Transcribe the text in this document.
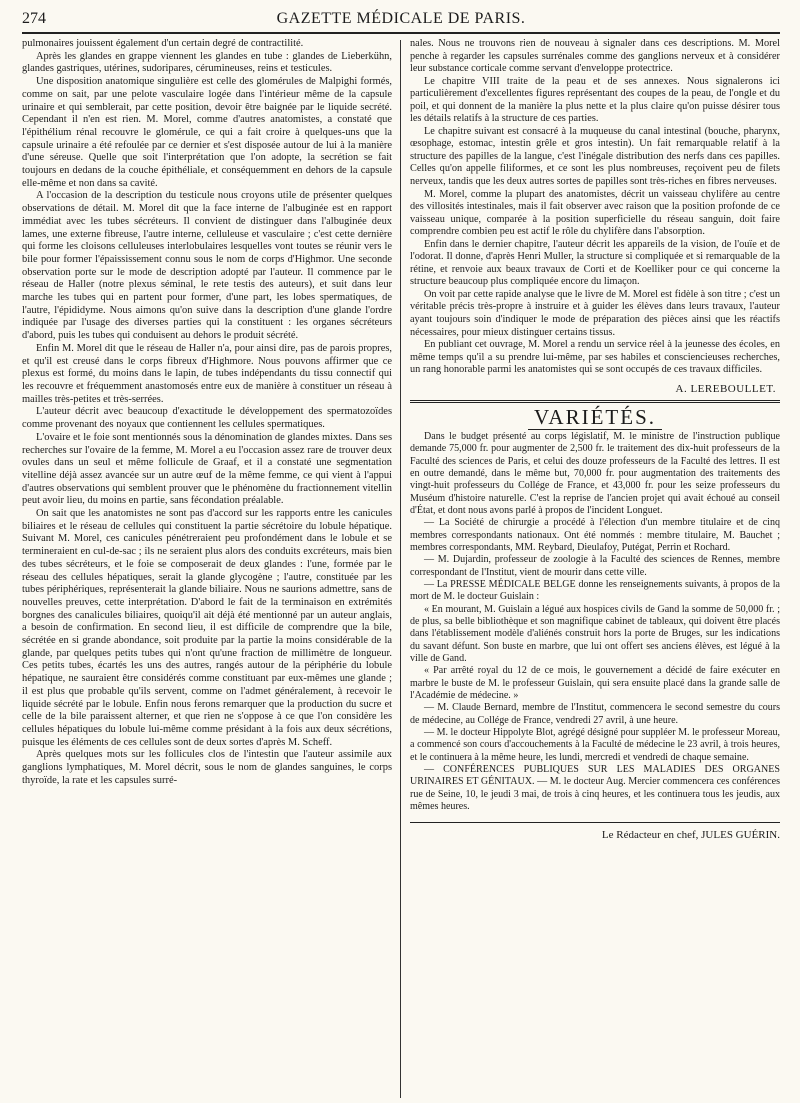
274	GAZETTE MÉDICALE DE PARIS.

pulmonaires jouissent également d'un certain degré de contractilité.

Après les glandes en grappe viennent les glandes en tube : glandes de Lieberkühn, glandes gastriques, utérines, sudoripares, cérumineuses, reins et testicules.

Une disposition anatomique singulière est celle des glomérules de Malpighi formés, comme on sait, par une pelote vasculaire logée dans l'intérieur même de la capsule urinaire et qui semblerait, par cette position, devoir être baignée par le liquide secrété. Cependant il n'en est rien. M. Morel, comme d'autres anatomistes, a constaté que l'épithélium rénal recouvre le glomérule, ce qui a fait croire à quelques-uns que la capsule urinaire a été refoulée par ce dernier et s'est disposée autour de lui à la manière d'une séreuse. Quelle que soit l'interprétation que l'on adopte, la secrétion se fait toujours en dedans de la couche épithéliale, et conséquemment en dehors de la capsule elle-même et non dans sa cavité.

A l'occasion de la description du testicule nous croyons utile de présenter quelques observations de détail. M. Morel dit que la face interne de l'albuginée est en rapport immédiat avec les tubes sécréteurs. Il convient de distinguer dans l'albuginée deux lames, une externe fibreuse, l'autre interne, celluleuse et vasculaire ; c'est cette dernière qui forme les cloisons celluleuses interlobulaires lesquelles vont toutes se réunir vers le bile pour former l'épaississement connu sous le nom de corps d'Highmor. Une seconde observation porte sur le mode de description adopté par l'auteur. Il commence par le réseau de Haller (notre plexus séminal, le rete testis des auteurs), et suit dans leur marche les tubes qui en partent pour former, d'une part, les lobes spermatiques, de l'autre, l'épididyme. Nous aimons qu'on suive dans la description d'une glande l'ordre indiquée par l'usage des diverses parties qui la constituent : les organes sécréteurs d'abord, puis les tubes qui conduisent au dehors le produit sécrété.

Enfin M. Morel dit que le réseau de Haller n'a, pour ainsi dire, pas de parois propres, et qu'il est creusé dans le corps fibreux d'Highmore. Nous pouvons affirmer que ce plexus est formé, du moins dans le lapin, de tubes indépendants du tissu connectif qui les recouvre et fréquemment anastomosés entre eux de manière à constituer un réseau à mailles très-petites et très-serrées.

L'auteur décrit avec beaucoup d'exactitude le développement des spermatozoïdes comme provenant des noyaux que contiennent les cellules spermatiques.

L'ovaire et le foie sont mentionnés sous la dénomination de glandes mixtes. Dans ses recherches sur l'ovaire de la femme, M. Morel a eu l'occasion assez rare de trouver deux ovules dans un seul et même follicule de Graaf, et il a constaté une segmentation vitelline déjà assez avancée sur un autre œuf de la même femme, ce qui vient à l'appui d'autres observations qui semblent prouver que le phénomène du fractionnement vitellin peut avoir lieu, du moins en partie, sans fécondation préalable.

On sait que les anatomistes ne sont pas d'accord sur les rapports entre les canicules biliaires et le réseau de cellules qui constituent la partie sécrétoire du lobule hépatique. Suivant M. Morel, ces canicules pénétreraient peu profondément dans le lobule et se termineraient en cul-de-sac ; ils ne seraient plus alors des conduits excréteurs, mais bien des tubes sécréteurs, et le foie se composerait de deux glandes : l'une, formée par le réseau des cellules hépatiques, serait la glande glycogène ; l'autre, constituée par les tubes périphériques, représenterait la glande biliaire. Nous ne saurions admettre, sans de nouvelles preuves, cette interprétation. D'abord le fait de la terminaison en extrémités borgnes des canalicules biliaires, quoiqu'il ait déjà été mentionné par un auteur anglais, a besoin de confirmation. En second lieu, il est difficile de comprendre que la bile, sécrétée en si grande abondance, soit produite par la partie la moins considérable de la glande, par quelques petits tubes qui n'ont qu'une fraction de millimètre de longueur. Ces petits tubes, écartés les uns des autres, rangés autour de la périphérie du lobule hépatique, ne sauraient être considérés comme constituant par eux-mêmes une glande ; il est plus que probable qu'ils servent, comme on l'admet généralement, à recevoir le liquide sécrété par le lobule. Enfin nous ferons remarquer que la production du sucre et celle de la bile paraissent alterner, et que rien ne s'oppose à ce que l'on considère les cellules hépatiques du lobule lui-même comme présidant à la fois aux deux sécrétions, puisque les éléments de ces cellules sont de deux sortes d'après M. Scheff.

Après quelques mots sur les follicules clos de l'intestin que l'auteur assimile aux ganglions lymphatiques, M. Morel décrit, sous le nom de glandes sanguines, le corps thyroïde, la rate et les capsules surré-

nales. Nous ne trouvons rien de nouveau à signaler dans ces descriptions. M. Morel penche à regarder les capsules surrénales comme des ganglions nerveux et à considérer leur substance corticale comme servant d'enveloppe protectrice.

Le chapitre VIII traite de la peau et de ses annexes. Nous signalerons ici particulièrement d'excellentes figures représentant des coupes de la peau, de l'ongle et du poil, et qui donnent de la manière la plus nette et la plus claire qu'on puisse désirer tous les détails relatifs à la structure de ces parties.

Le chapitre suivant est consacré à la muqueuse du canal intestinal (bouche, pharynx, œsophage, estomac, intestin grêle et gros intestin). Un fait remarquable relatif à la structure des papilles de la langue, c'est l'inégale distribution des nerfs dans ces papilles. Celles qu'on appelle filiformes, et ce sont les plus nombreuses, reçoivent peu de filets nerveux, tandis que les deux autres sortes de papilles sont très-riches en fibres nerveuses.

M. Morel, comme la plupart des anatomistes, décrit un vaisseau chylifère au centre des villosités intestinales, mais il fait observer avec raison que la position profonde de ce vaisseau unique, comparée à la position superficielle du réseau sanguin, doit faire comprendre combien peu est actif le rôle du chylifère dans l'absorption.

Enfin dans le dernier chapitre, l'auteur décrit les appareils de la vision, de l'ouïe et de l'odorat. Il donne, d'après Henri Muller, la structure si compliquée et si remarquable de la rétine, et renvoie aux beaux travaux de Corti et de Koelliker pour ce qui concerne la structure beaucoup plus compliquée encore du limaçon.

On voit par cette rapide analyse que le livre de M. Morel est fidèle à son titre ; c'est un véritable précis très-propre à instruire et à guider les élèves dans leurs travaux, l'auteur ayant toujours soin d'indiquer le mode de préparation des pièces ainsi que les réactifs nécessaires, pour mieux distinguer certains tissus.

En publiant cet ouvrage, M. Morel a rendu un service réel à la jeunesse des écoles, en même temps qu'il a su prendre lui-même, par ses habiles et consciencieuses recherches, un rang honorable parmi les anatomistes qui se sont occupés de ces travaux difficiles.

A. LEREBOULLET.
VARIÉTÉS.

Dans le budget présenté au corps législatif, M. le ministre de l'instruction publique demande 75,000 fr. pour augmenter de 2,500 fr. le traitement des dix-huit professeurs de la Faculté des sciences de Paris, et celui des douze professeurs de la Faculté des lettres. Il est en outre demandé, dans le même but, 70,000 fr. pour augmentation des traitements des vingt-huit professeurs du Collége de France, et 43,000 fr. pour les seize professeurs du Muséum d'histoire naturelle. C'est la reprise de l'ancien projet qui avait échoué au conseil d'État, et dont nous avons parlé à propos de l'incident Longuet.

— La Société de chirurgie a procédé à l'élection d'un membre titulaire et de cinq membres correspondants nationaux. Ont été nommés : membre titulaire, M. Bauchet ; membres correspondants, MM. Reybard, Dieulafoy, Putégat, Perrin et Rochard.

— M. Dujardin, professeur de zoologie à la Faculté des sciences de Rennes, membre correspondant de l'Institut, vient de mourir dans cette ville.

— La PRESSE MÉDICALE BELGE donne les renseignements suivants, à propos de la mort de M. le docteur Guislain :

« En mourant, M. Guislain a légué aux hospices civils de Gand la somme de 50,000 fr. ; de plus, sa belle bibliothèque et son magnifique cabinet de tableaux, qui doivent être placés dans l'établissement modèle d'aliénés construit hors la porte de Bruges, sur les indications du savant défunt. Son buste en marbre, que lui ont offert ses anciens élèves, est légué à la ville de Gand.

« Par arrêté royal du 12 de ce mois, le gouvernement a décidé de faire exécuter en marbre le buste de M. le professeur Guislain, qui sera ensuite placé dans la grande salle de l'Académie de médecine. »

— M. Claude Bernard, membre de l'Institut, commencera le second semestre du cours de médecine, au Collége de France, vendredi 27 avril, à une heure.

— M. le docteur Hippolyte Blot, agrégé désigné pour suppléer M. le professeur Moreau, a commencé son cours d'accouchements à la Faculté de médecine le 23 avril, à trois heures, et le continuera à la même heure, les lundi, mercredi et vendredi de chaque semaine.

— CONFÉRENCES PUBLIQUES SUR LES MALADIES DES ORGANES URINAIRES ET GÉNITAUX. — M. le docteur Aug. Mercier commencera ces conférences rue de Seine, 10, le jeudi 3 mai, de trois à cinq heures, et les continuera tous les jeudis, aux mêmes heures.

Le Rédacteur en chef, JULES GUÉRIN.
